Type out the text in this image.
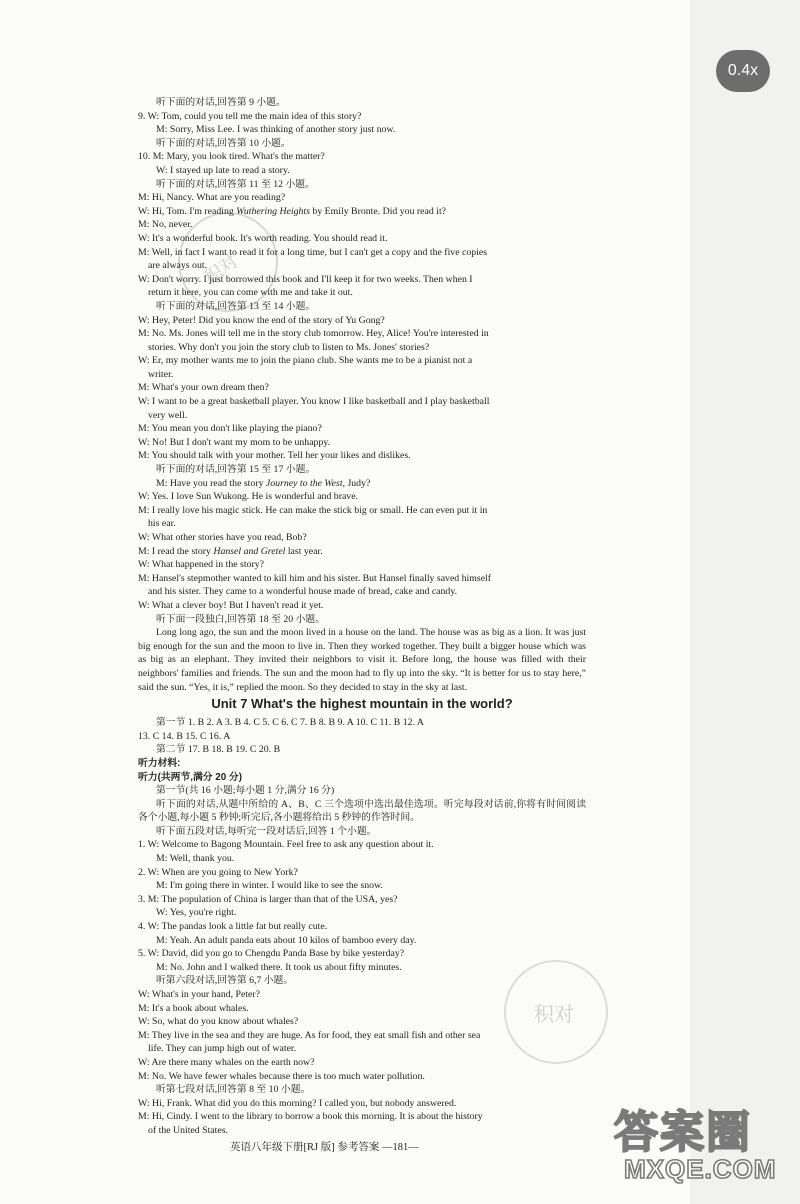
积对
积对
听下面的对话,回答第 9 小题。
9. W: Tom, could you tell me the main idea of this story?
M: Sorry, Miss Lee. I was thinking of another story just now.
听下面的对话,回答第 10 小题。
10. M: Mary, you look tired. What's the matter?
W: I stayed up late to read a story.
听下面的对话,回答第 11 至 12 小题。
M: Hi, Nancy. What are you reading?
W: Hi, Tom. I'm reading Wuthering Heights by Emily Bronte. Did you read it?
M: No, never.
W: It's a wonderful book. It's worth reading. You should read it.
M: Well, in fact I want to read it for a long time, but I can't get a copy and the five copies
are always out.
W: Don't worry. I just borrowed this book and I'll keep it for two weeks. Then when I
return it here, you can come with me and take it out.
听下面的对话,回答第 13 至 14 小题。
W: Hey, Peter! Did you know the end of the story of Yu Gong?
M: No. Ms. Jones will tell me in the story club tomorrow. Hey, Alice! You're interested in
stories. Why don't you join the story club to listen to Ms. Jones' stories?
W: Er, my mother wants me to join the piano club. She wants me to be a pianist not a
writer.
M: What's your own dream then?
W: I want to be a great basketball player. You know I like basketball and I play basketball
very well.
M: You mean you don't like playing the piano?
W: No! But I don't want my mom to be unhappy.
M: You should talk with your mother. Tell her your likes and dislikes.
听下面的对话,回答第 15 至 17 小题。
M: Have you read the story Journey to the West, Judy?
W: Yes. I love Sun Wukong. He is wonderful and brave.
M: I really love his magic stick. He can make the stick big or small. He can even put it in
his ear.
W: What other stories have you read, Bob?
M: I read the story Hansel and Gretel last year.
W: What happened in the story?
M: Hansel's stepmother wanted to kill him and his sister. But Hansel finally saved himself
and his sister. They came to a wonderful house made of bread, cake and candy.
W: What a clever boy! But I haven't read it yet.
听下面一段独白,回答第 18 至 20 小题。
Long long ago, the sun and the moon lived in a house on the land. The house was as big as a lion. It was just big enough for the sun and the moon to live in. Then they worked together. They built a bigger house which was as big as an elephant. They invited their neighbors to visit it. Before long, the house was filled with their neighbors' families and friends. The sun and the moon had to fly up into the sky. “It is better for us to stay here,” said the sun. “Yes, it is,” replied the moon. So they decided to stay in the sky at last.
Unit 7 What's the highest mountain in the world?
第一节 1. B 2. A 3. B 4. C 5. C 6. C 7. B 8. B 9. A 10. C 11. B 12. A
13. C 14. B 15. C 16. A
第二节 17. B 18. B 19. C 20. B
听力材料:
听力(共两节,满分 20 分)
第一节(共 16 小题;每小题 1 分,满分 16 分)
听下面的对话,从题中所给的 A、B、C 三个选项中选出最佳选项。听完每段对话前,你将有时间阅读各个小题,每小题 5 秒钟;听完后,各小题将给出 5 秒钟的作答时间。
听下面五段对话,每听完一段对话后,回答 1 个小题。
1. W: Welcome to Bagong Mountain. Feel free to ask any question about it.
M: Well, thank you.
2. W: When are you going to New York?
M: I'm going there in winter. I would like to see the snow.
3. M: The population of China is larger than that of the USA, yes?
W: Yes, you're right.
4. W: The pandas look a little fat but really cute.
M: Yeah. An adult panda eats about 10 kilos of bamboo every day.
5. W: David, did you go to Chengdu Panda Base by bike yesterday?
M: No. John and I walked there. It took us about fifty minutes.
听第六段对话,回答第 6,7 小题。
W: What's in your hand, Peter?
M: It's a book about whales.
W: So, what do you know about whales?
M: They live in the sea and they are huge. As for food, they eat small fish and other sea
life. They can jump high out of water.
W: Are there many whales on the earth now?
M: No. We have fewer whales because there is too much water pollution.
听第七段对话,回答第 8 至 10 小题。
W: Hi, Frank. What did you do this morning? I called you, but nobody answered.
M: Hi, Cindy. I went to the library to borrow a book this morning. It is about the history
of the United States.
英语八年级下册[RJ 版] 参考答案 —181—
0.4x
答案圈
MXQE.COM
